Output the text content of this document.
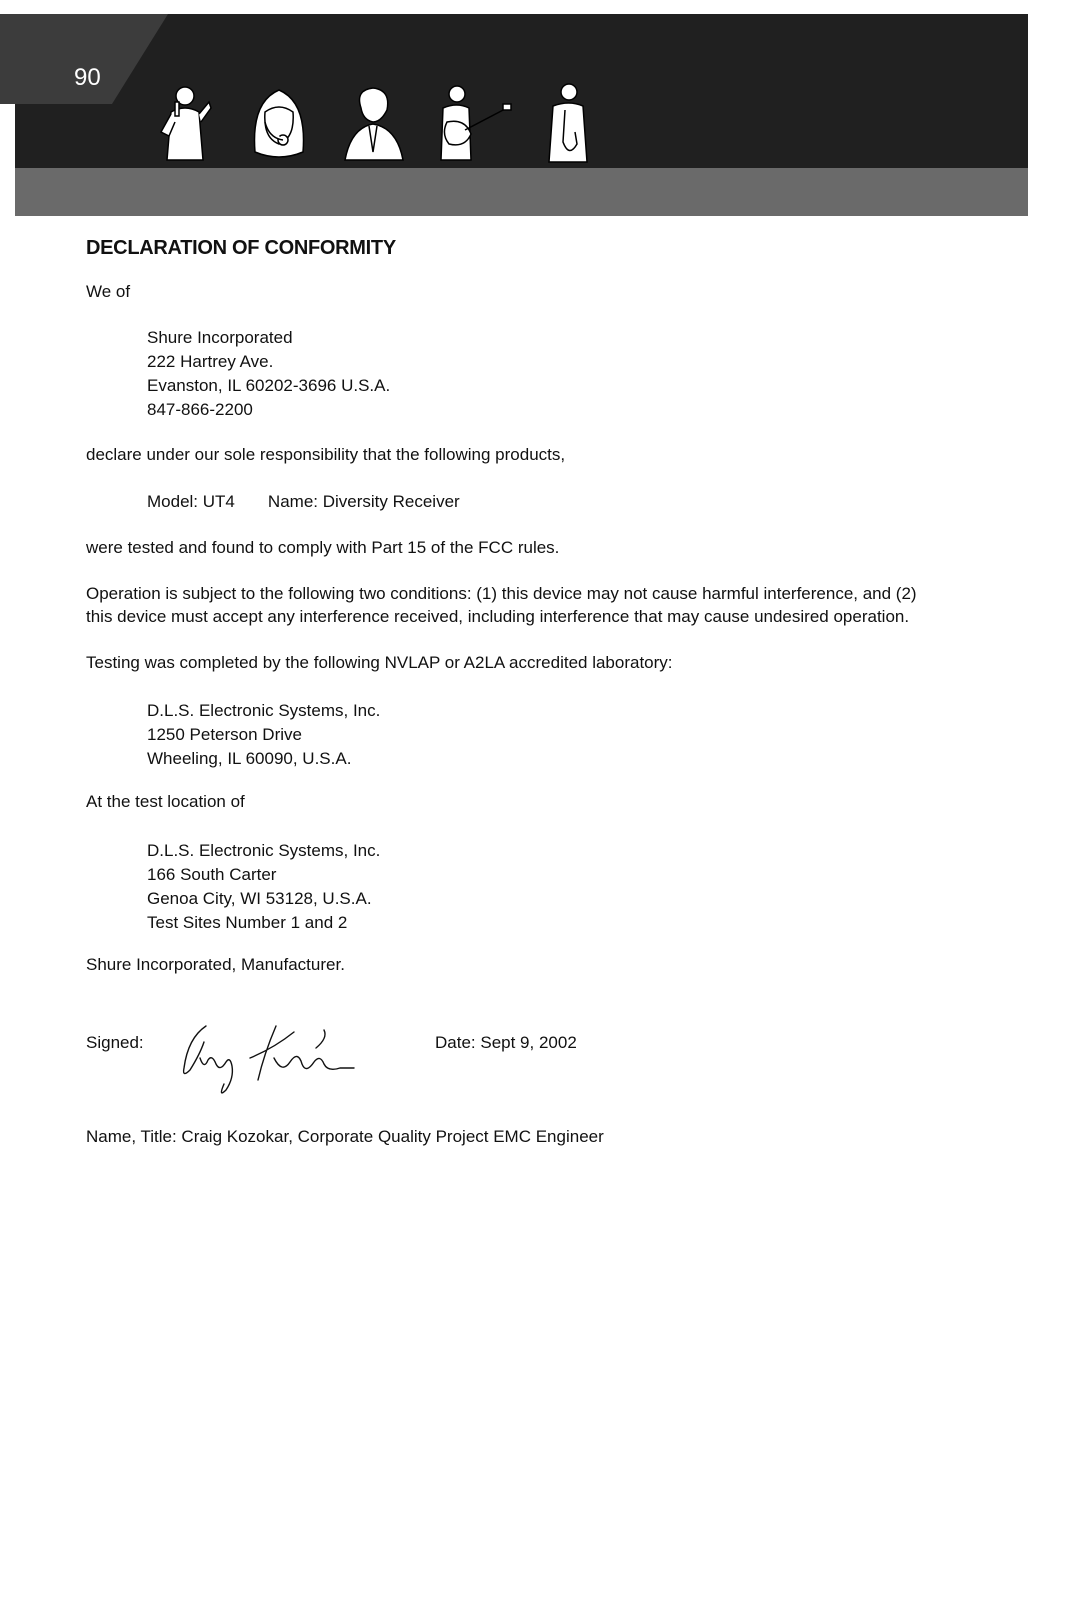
90
DECLARATION OF CONFORMITY
We of
Shure Incorporated
222 Hartrey Ave.
Evanston, IL 60202-3696 U.S.A.
847-866-2200
declare under our sole responsibility that the following products,
Model: UT4       Name: Diversity Receiver
were tested and found to comply with Part 15 of the FCC rules.
Operation is subject to the following two conditions: (1) this device may not cause harmful interference, and (2)
this device must accept any interference received, including interference that may cause undesired operation.
Testing was completed by the following NVLAP or A2LA accredited laboratory:
D.L.S. Electronic Systems, Inc.
1250 Peterson Drive
Wheeling, IL 60090, U.S.A.
At the test location of
D.L.S. Electronic Systems, Inc.
166 South Carter
Genoa City, WI 53128, U.S.A.
Test Sites Number 1 and 2
Shure Incorporated, Manufacturer.
Signed:	Date: Sept 9, 2002
Name, Title: Craig Kozokar, Corporate Quality Project EMC Engineer
